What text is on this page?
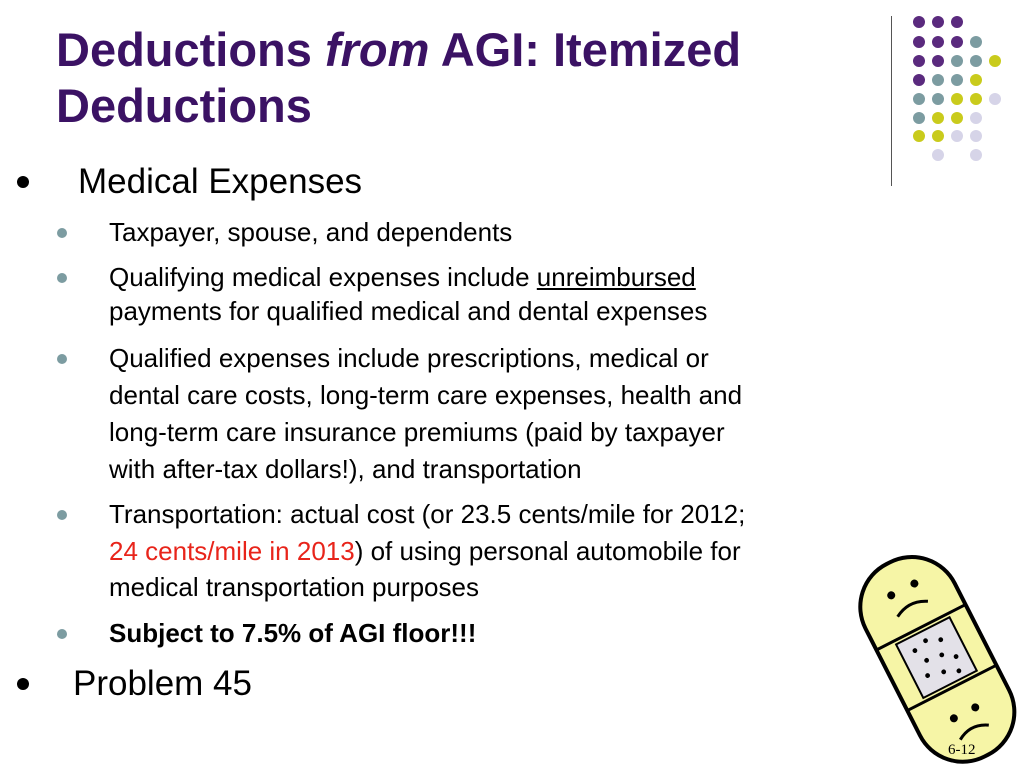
Deductions from AGI: Itemized
Deductions
Medical Expenses
Taxpayer, spouse, and dependents
Qualifying medical expenses include unreimbursed
payments for qualified medical and dental expenses
Qualified expenses include prescriptions, medical or
dental care costs, long-term care expenses, health and
long-term care insurance premiums (paid by taxpayer
with after-tax dollars!), and transportation
Transportation: actual cost (or 23.5 cents/mile for 2012;
24 cents/mile in 2013) of using personal automobile for
medical transportation purposes
Subject to 7.5% of AGI floor!!!
Problem 45
6-12
